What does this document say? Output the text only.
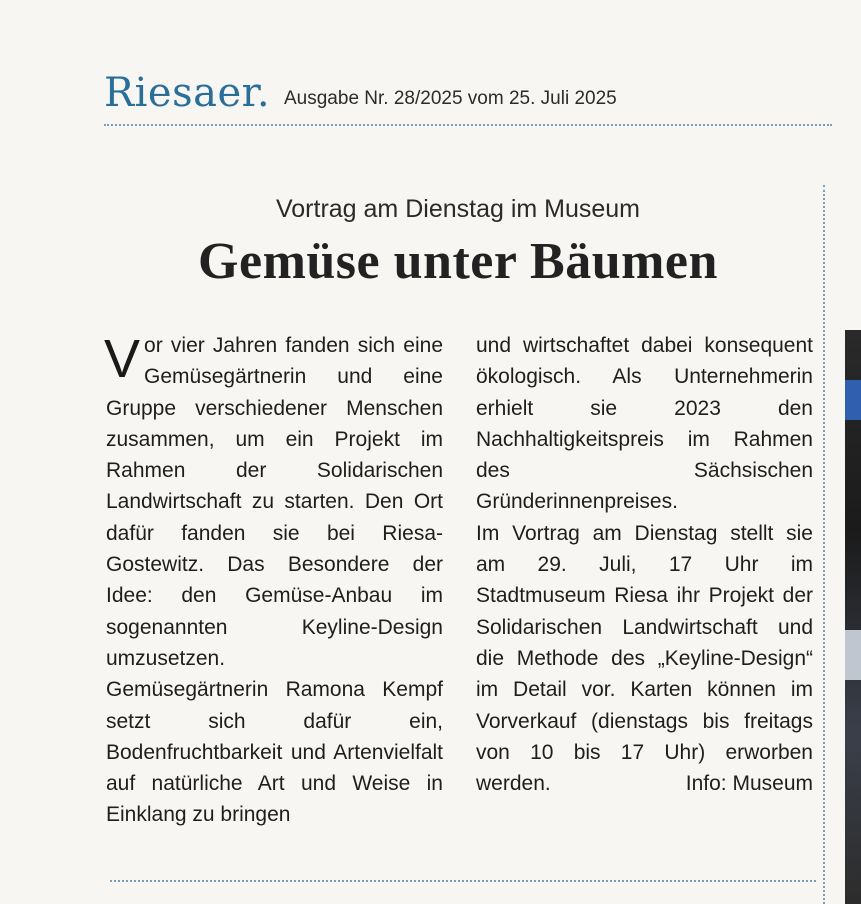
Riesaer. Ausgabe Nr. 28/2025 vom 25. Juli 2025
Vortrag am Dienstag im Museum
Gemüse unter Bäumen

V or vier Jahren fanden sich eine Gemüsegärtnerin und eine Gruppe verschiedener Menschen zusammen, um ein Projekt im Rahmen der Solidarischen Landwirtschaft zu starten. Den Ort dafür fanden sie bei Riesa-Gostewitz. Das Besondere der Idee: den Gemüse-Anbau im sogenannten Keyline-Design umzusetzen.

Gemüsegärtnerin Ramona Kempf setzt sich dafür ein, Bodenfruchtbarkeit und Artenvielfalt auf natürliche Art und Weise in Einklang zu bringen

und wirtschaftet dabei konsequent ökologisch. Als Unternehmerin erhielt sie 2023 den Nachhaltigkeitspreis im Rahmen des Sächsischen Gründerinnenpreises.

Im Vortrag am Dienstag stellt sie am 29. Juli, 17 Uhr im Stadtmuseum Riesa ihr Projekt der Solidarischen Landwirtschaft und die Methode des „Keyline-Design“ im Detail vor. Karten können im Vorverkauf (dienstags bis freitags von 10 bis 17 Uhr) erworben werden.	Info: Museum
